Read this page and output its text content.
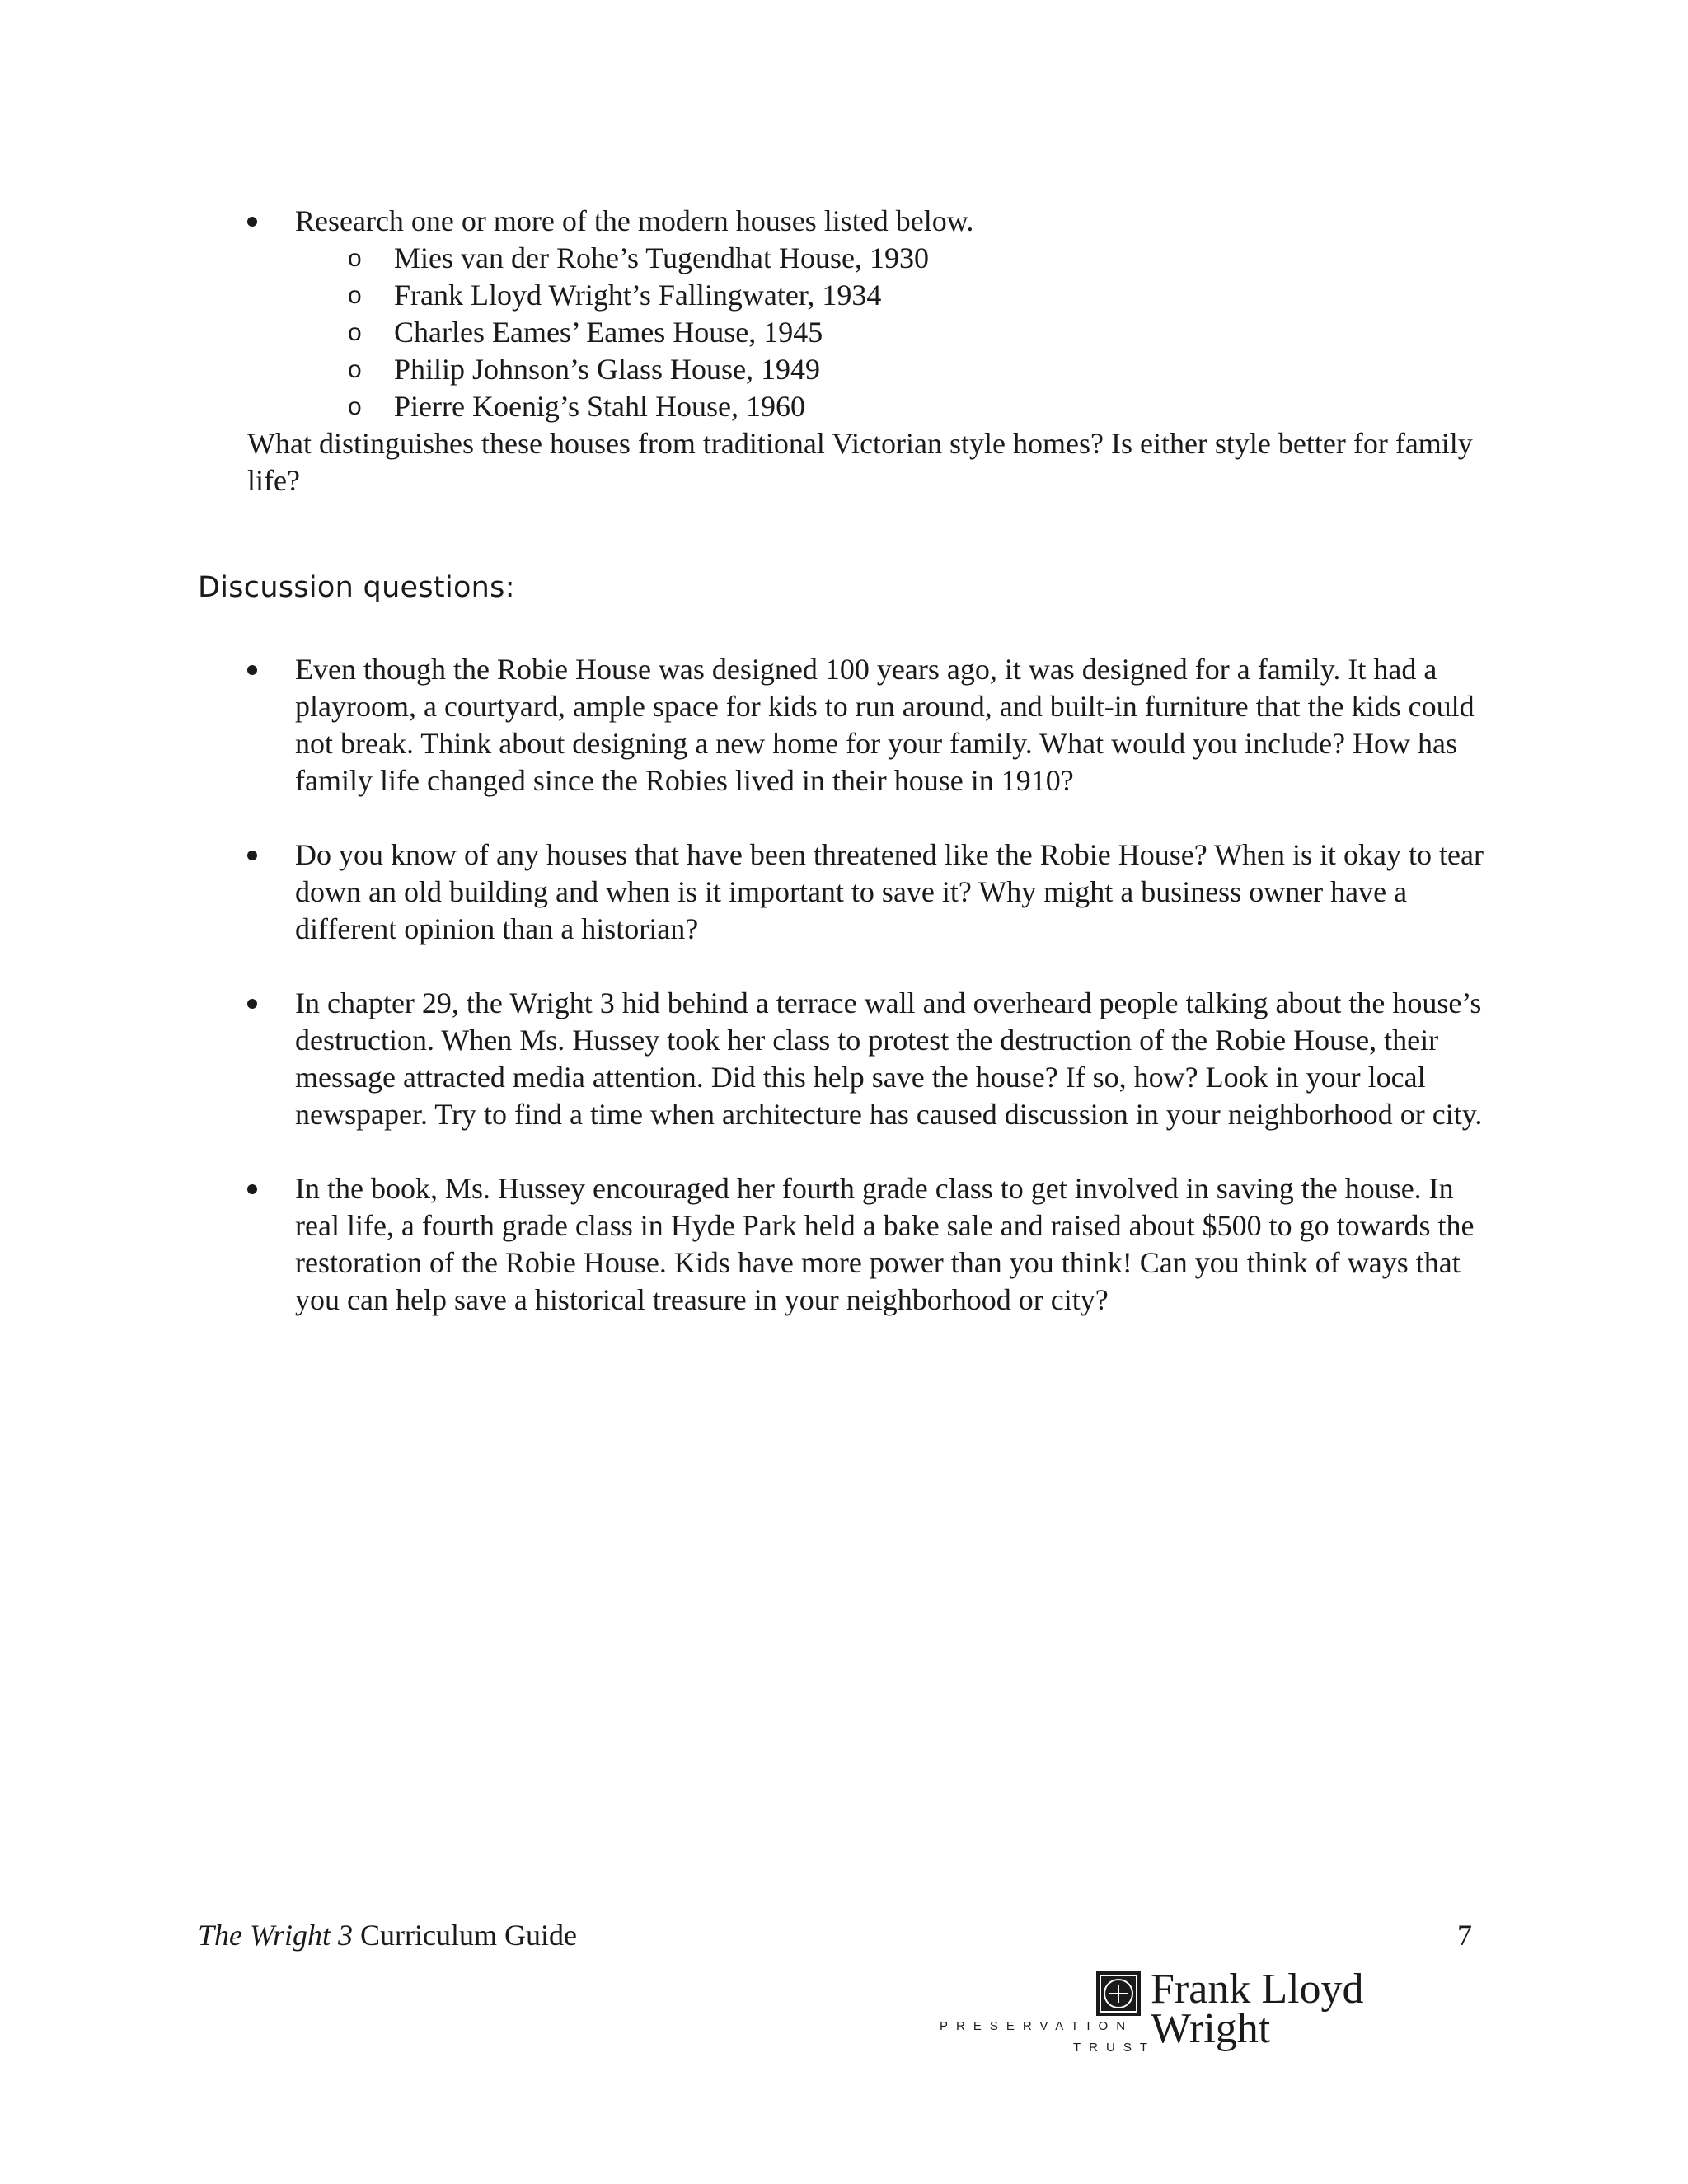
Research one or more of the modern houses listed below.
o Mies van der Rohe’s Tugendhat House, 1930
o Frank Lloyd Wright’s Fallingwater, 1934
o Charles Eames’ Eames House, 1945
o Philip Johnson’s Glass House, 1949
o Pierre Koenig’s Stahl House, 1960
What distinguishes these houses from traditional Victorian style homes? Is either style better for family life?
Discussion questions:
Even though the Robie House was designed 100 years ago, it was designed for a family. It had a playroom, a courtyard, ample space for kids to run around, and built-in furniture that the kids could not break. Think about designing a new home for your family. What would you include? How has family life changed since the Robies lived in their house in 1910?
Do you know of any houses that have been threatened like the Robie House? When is it okay to tear down an old building and when is it important to save it? Why might a business owner have a different opinion than a historian?
In chapter 29, the Wright 3 hid behind a terrace wall and overheard people talking about the house’s destruction. When Ms. Hussey took her class to protest the destruction of the Robie House, their message attracted media attention. Did this help save the house? If so, how? Look in your local newspaper. Try to find a time when architecture has caused discussion in your neighborhood or city.
In the book, Ms. Hussey encouraged her fourth grade class to get involved in saving the house. In real life, a fourth grade class in Hyde Park held a bake sale and raised about $500 to go towards the restoration of the Robie House. Kids have more power than you think! Can you think of ways that you can help save a historical treasure in your neighborhood or city?
The Wright 3 Curriculum Guide	7
Frank Lloyd
Wright
PRESERVATION
TRUST
